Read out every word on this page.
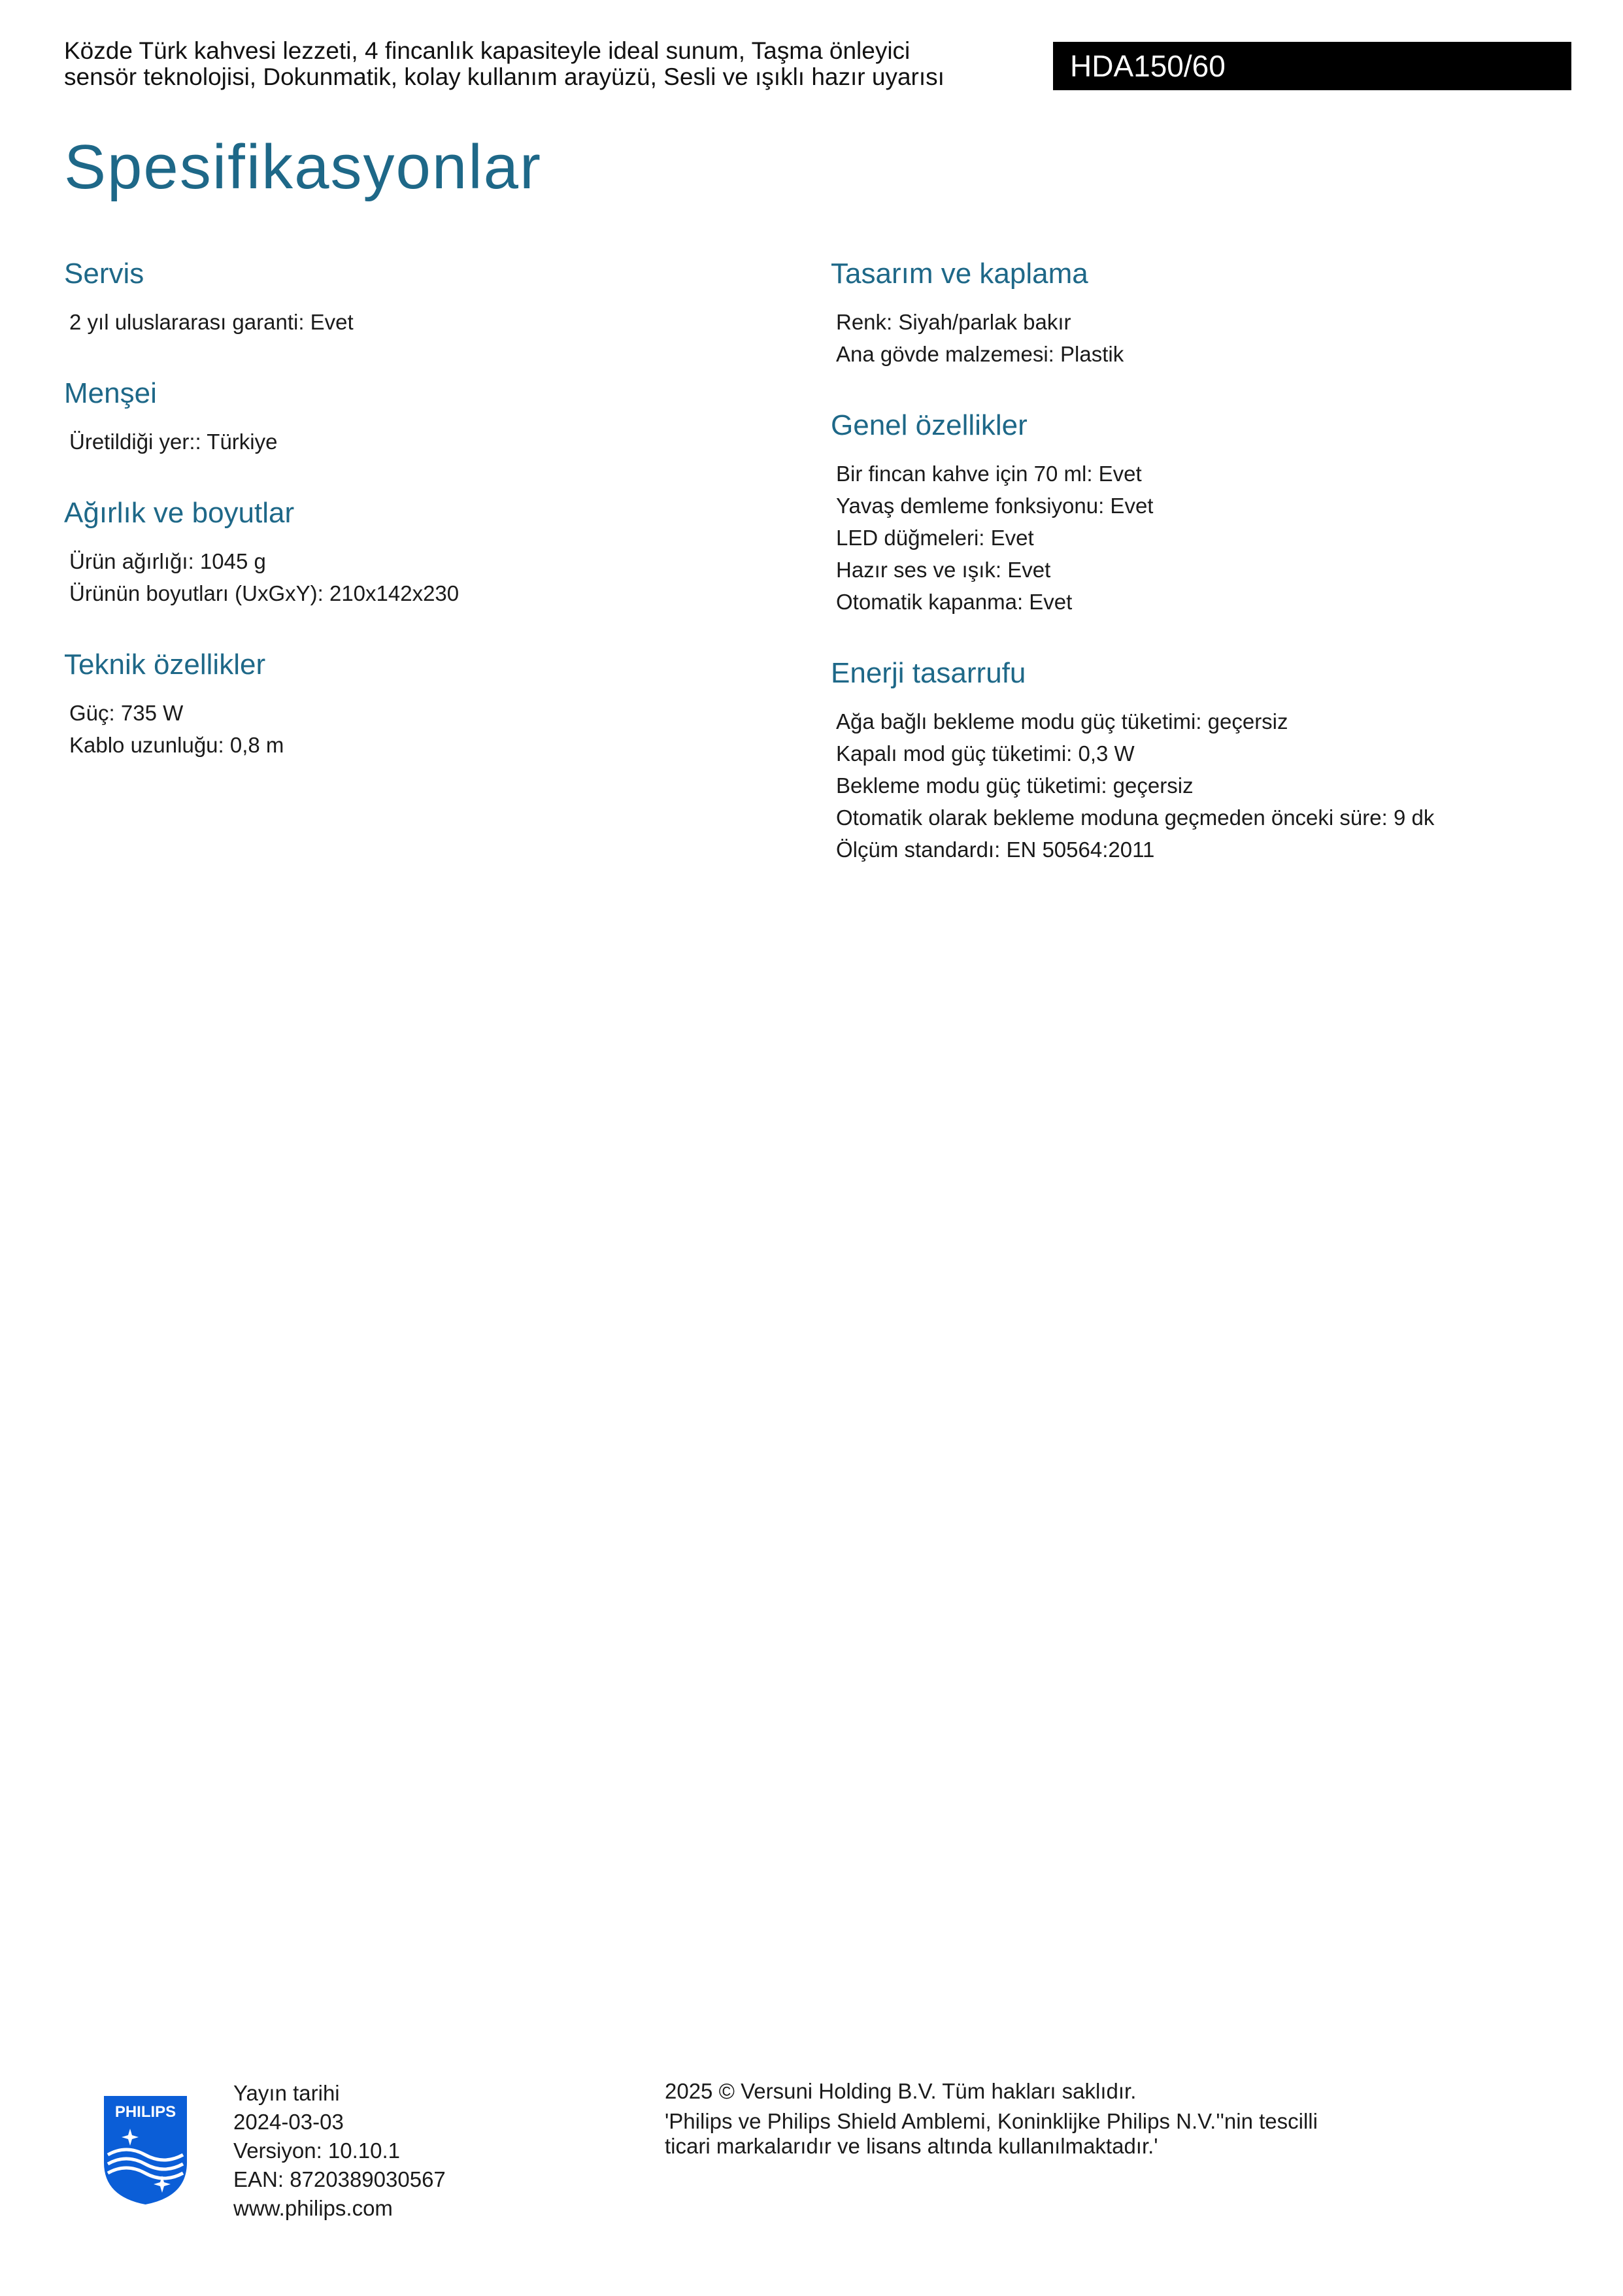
Közde Türk kahvesi lezzeti, 4 fincanlık kapasiteyle ideal sunum, Taşma önleyici
sensör teknolojisi, Dokunmatik, kolay kullanım arayüzü, Sesli ve ışıklı hazır uyarısı	HDA150/60
Spesifikasyonlar
Servis
2 yıl uluslararası garanti: Evet
Menşei
Üretildiği yer:: Türkiye
Ağırlık ve boyutlar
Ürün ağırlığı: 1045 g
Ürünün boyutları (UxGxY): 210x142x230
Teknik özellikler
Güç: 735 W
Kablo uzunluğu: 0,8 m
Tasarım ve kaplama
Renk: Siyah/parlak bakır
Ana gövde malzemesi: Plastik
Genel özellikler
Bir fincan kahve için 70 ml: Evet
Yavaş demleme fonksiyonu: Evet
LED düğmeleri: Evet
Hazır ses ve ışık: Evet
Otomatik kapanma: Evet
Enerji tasarrufu
Ağa bağlı bekleme modu güç tüketimi: geçersiz
Kapalı mod güç tüketimi: 0,3 W
Bekleme modu güç tüketimi: geçersiz
Otomatik olarak bekleme moduna geçmeden önceki süre: 9 dk
Ölçüm standardı: EN 50564:2011
PHILIPS
Yayın tarihi
2024-03-03
Versiyon: 10.10.1
EAN: 8720389030567
www.philips.com
2025 © Versuni Holding B.V. Tüm hakları saklıdır.
'Philips ve Philips Shield Amblemi, Koninklijke Philips N.V.''nin tescilli
ticari markalarıdır ve lisans altında kullanılmaktadır.'
